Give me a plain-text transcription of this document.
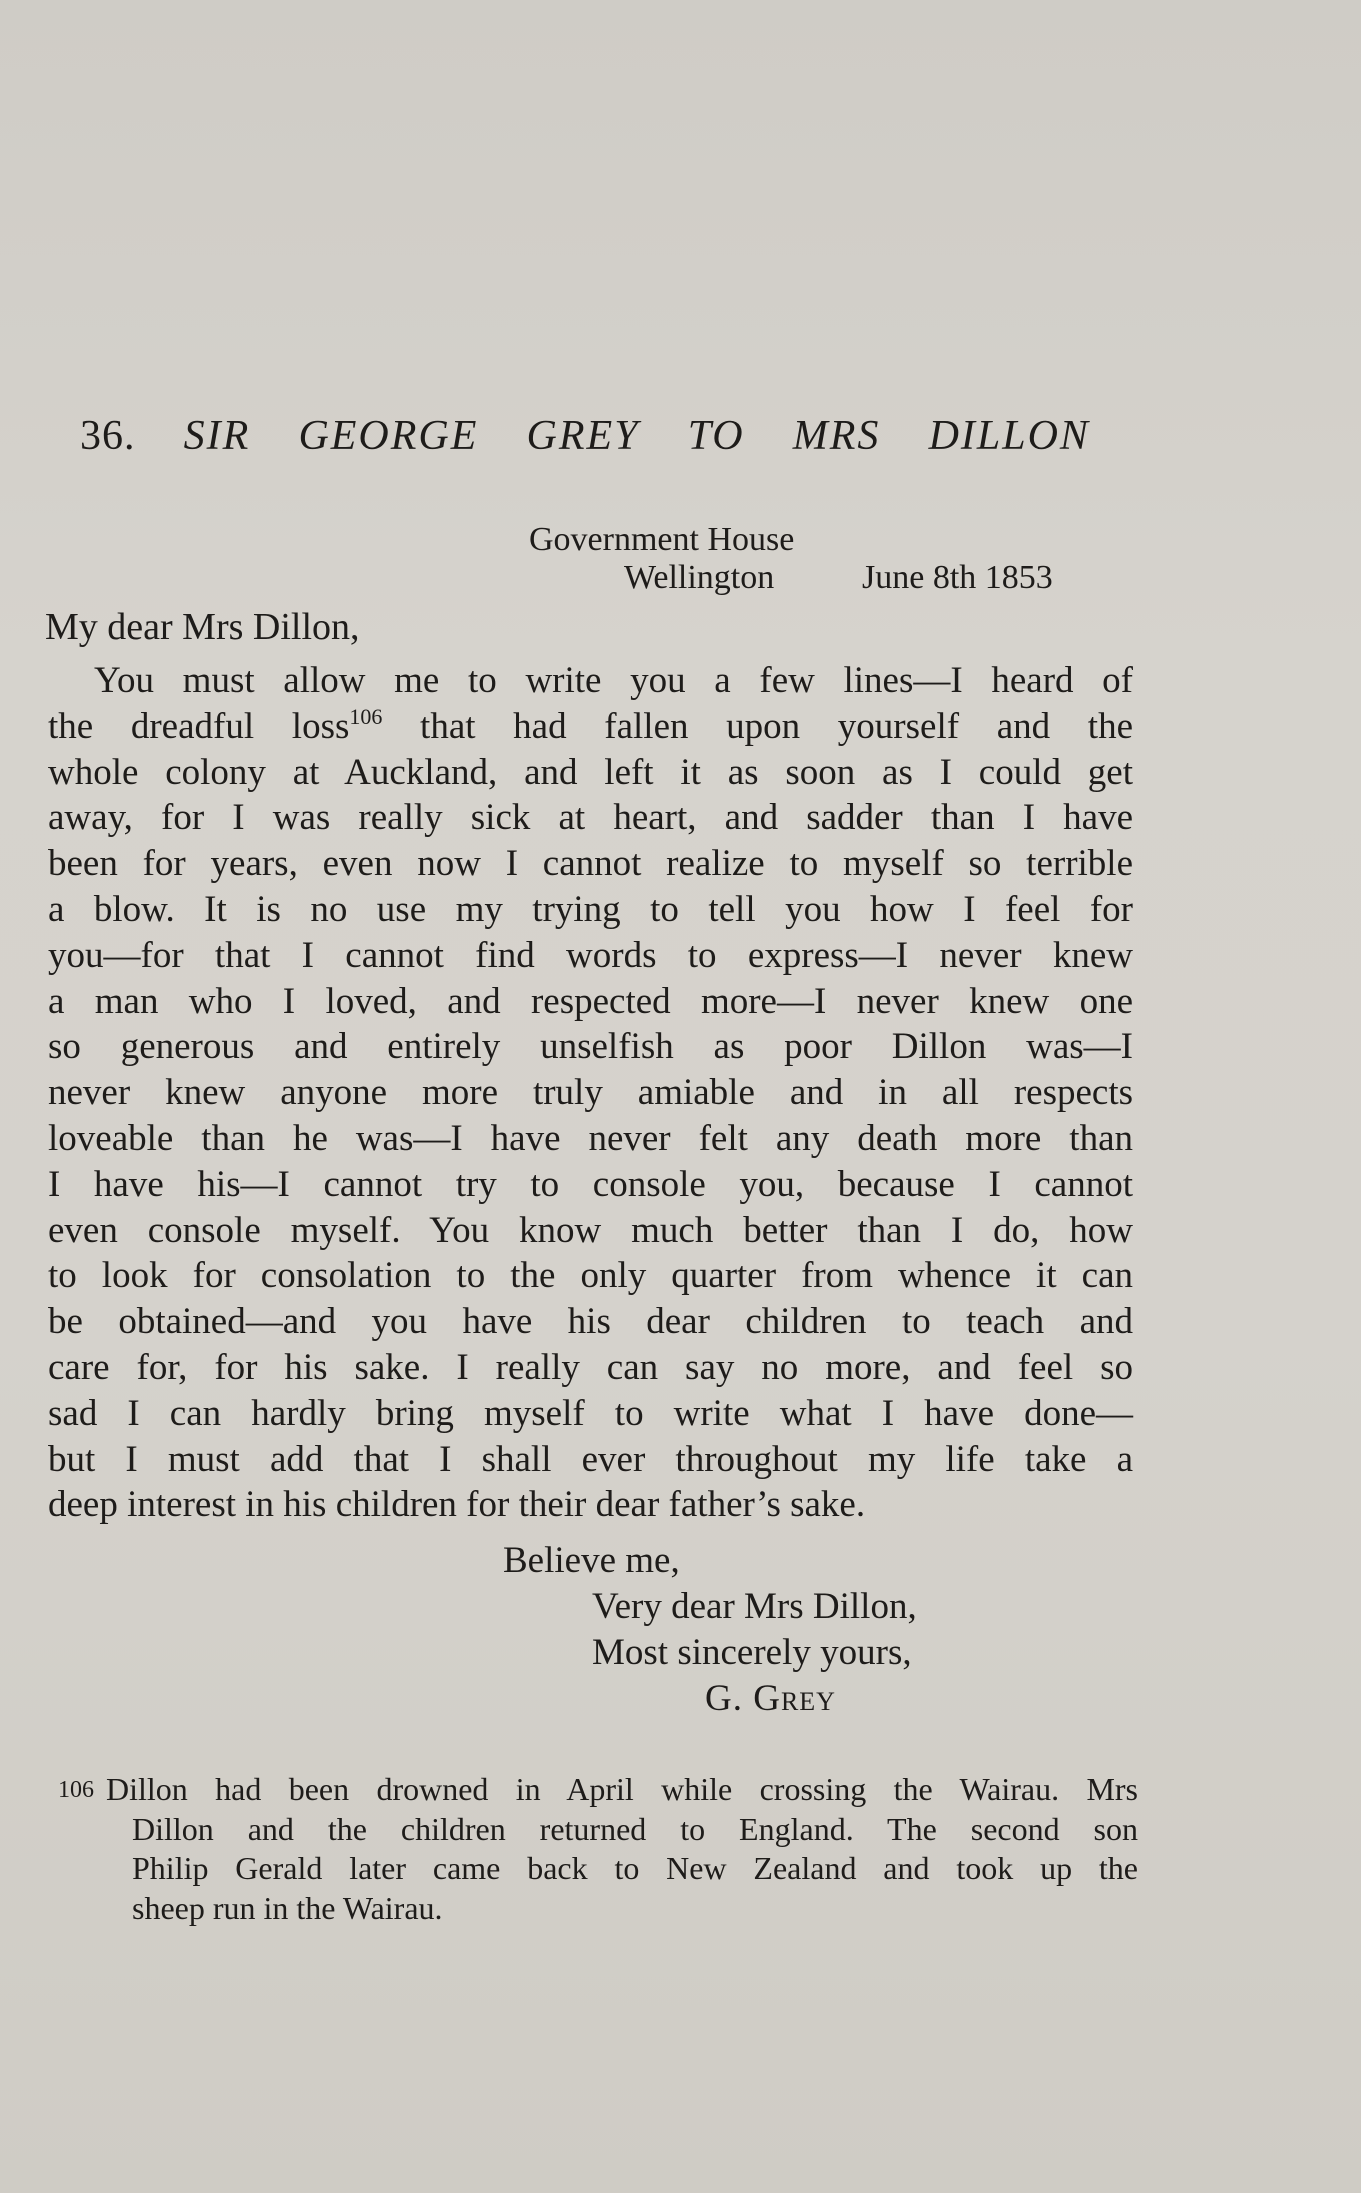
36. SIR GEORGE GREY TO MRS DILLON
Government House
Wellington	June 8th 1853
My dear Mrs Dillon,
You must allow me to write you a few lines—I heard of
the dreadful loss$^{106}$ that had fallen upon yourself and the
whole colony at Auckland, and left it as soon as I could get
away, for I was really sick at heart, and sadder than I have
been for years, even now I cannot realize to myself so terrible
a blow. It is no use my trying to tell you how I feel for
you—for that I cannot find words to express—I never knew
a man who I loved, and respected more—I never knew one
so generous and entirely unselfish as poor Dillon was—I
never knew anyone more truly amiable and in all respects
loveable than he was—I have never felt any death more than
I have his—I cannot try to console you, because I cannot
even console myself. You know much better than I do, how
to look for consolation to the only quarter from whence it can
be obtained—and you have his dear children to teach and
care for, for his sake. I really can say no more, and feel so
sad I can hardly bring myself to write what I have done—
but I must add that I shall ever throughout my life take a
deep interest in his children for their dear father’s sake.
Believe me,
Very dear Mrs Dillon,
Most sincerely yours,
G. Grey
106 Dillon had been drowned in April while crossing the Wairau. Mrs
Dillon and the children returned to England. The second son
Philip Gerald later came back to New Zealand and took up the
sheep run in the Wairau.
